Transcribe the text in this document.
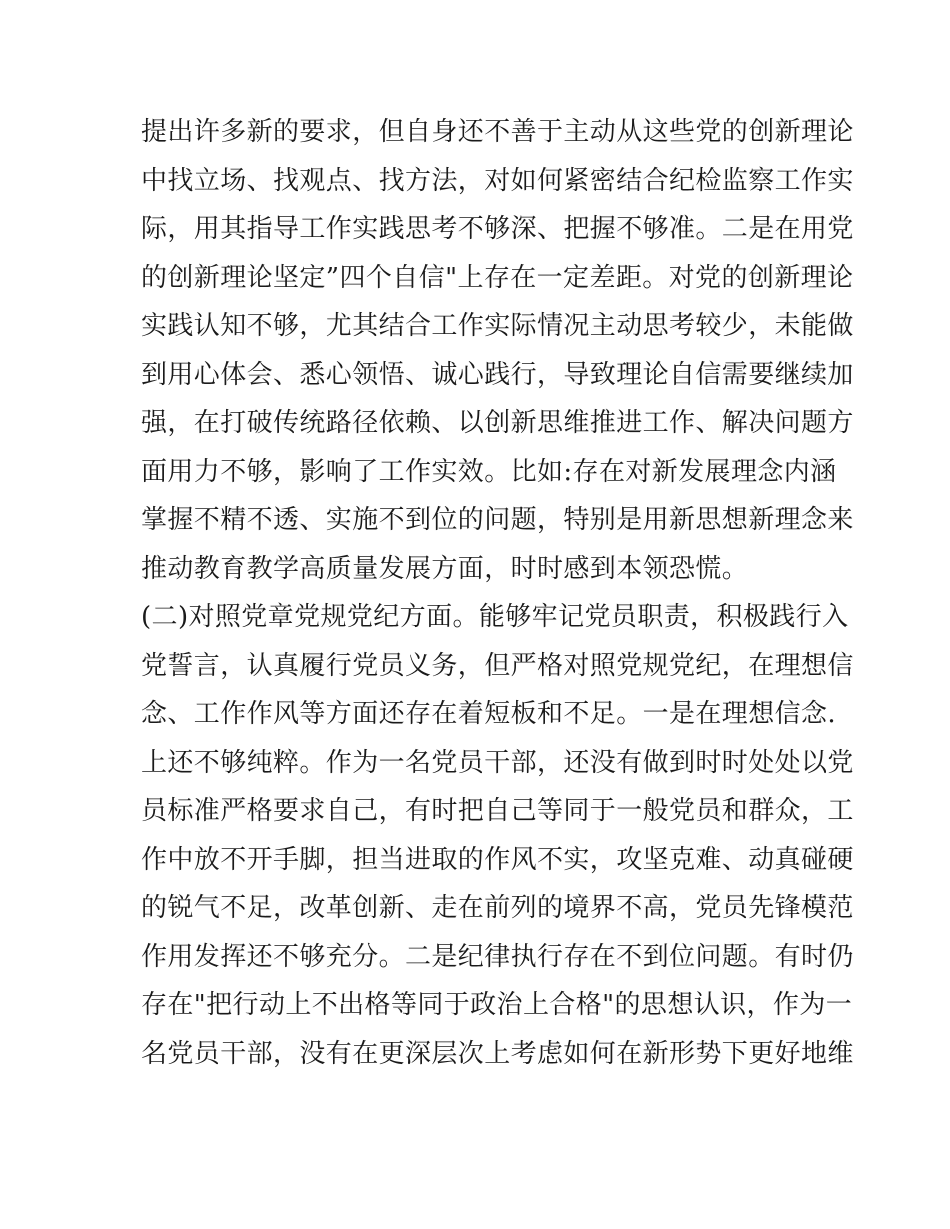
提出许多新的要求，但自身还不善于主动从这些党的创新理论
中找立场、找观点、找方法，对如何紧密结合纪检监察工作实
际，用其指导工作实践思考不够深、把握不够准。二是在用党
的创新理论坚定”四个自信"上存在一定差距。对党的创新理论
实践认知不够，尤其结合工作实际情况主动思考较少，未能做
到用心体会、悉心领悟、诚心践行，导致理论自信需要继续加
强，在打破传统路径依赖、以创新思维推进工作、解决问题方
面用力不够，影响了工作实效。比如:存在对新发展理念内涵
掌握不精不透、实施不到位的问题，特别是用新思想新理念来
推动教育教学高质量发展方面，时时感到本领恐慌。
(二)对照党章党规党纪方面。能够牢记党员职责，积极践行入
党誓言，认真履行党员义务，但严格对照党规党纪，在理想信
念、工作作风等方面还存在着短板和不足。一是在理想信念.
上还不够纯粹。作为一名党员干部，还没有做到时时处处以党
员标准严格要求自己，有时把自己等同于一般党员和群众，工
作中放不开手脚，担当进取的作风不实，攻坚克难、动真碰硬
的锐气不足，改革创新、走在前列的境界不高，党员先锋模范
作用发挥还不够充分。二是纪律执行存在不到位问题。有时仍
存在"把行动上不出格等同于政治上合格"的思想认识，作为一
名党员干部，没有在更深层次上考虑如何在新形势下更好地维
